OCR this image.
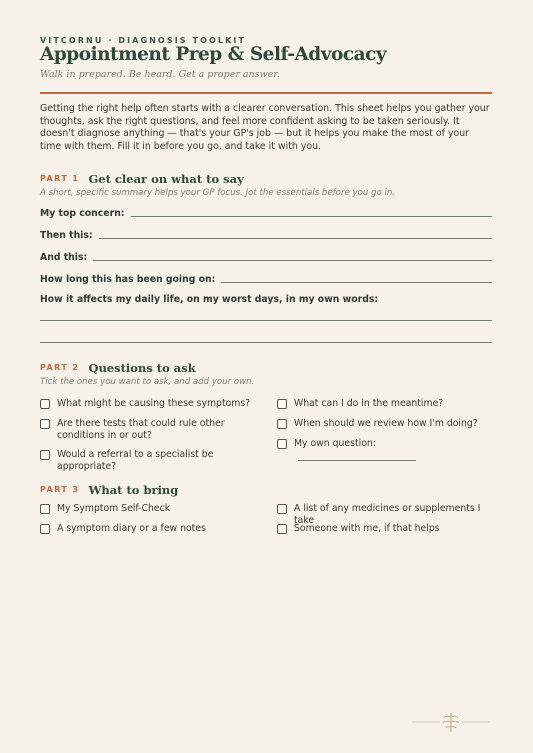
VITCORNU · DIAGNOSIS TOOLKIT
Appointment Prep & Self-Advocacy
Walk in prepared. Be heard. Get a proper answer.
Getting the right help often starts with a clearer conversation. This sheet helps you gather your thoughts, ask the right questions, and feel more confident asking to be taken seriously. It doesn't diagnose anything — that's your GP's job — but it helps you make the most of your time with them. Fill it in before you go, and take it with you.
PART 1 Get clear on what to say
A short, specific summary helps your GP focus. Jot the essentials before you go in.
My top concern:
Then this:
And this:
How long this has been going on:
How it affects my daily life, on my worst days, in my own words:
PART 2 Questions to ask
Tick the ones you want to ask, and add your own.
What might be causing these symptoms?
Are there tests that could rule other conditions in or out?
Would a referral to a specialist be appropriate?
What can I do in the meantime?
When should we review how I'm doing?
My own question:
PART 3 What to bring
My Symptom Self-Check
A symptom diary or a few notes
A list of any medicines or supplements I take
Someone with me, if that helps
